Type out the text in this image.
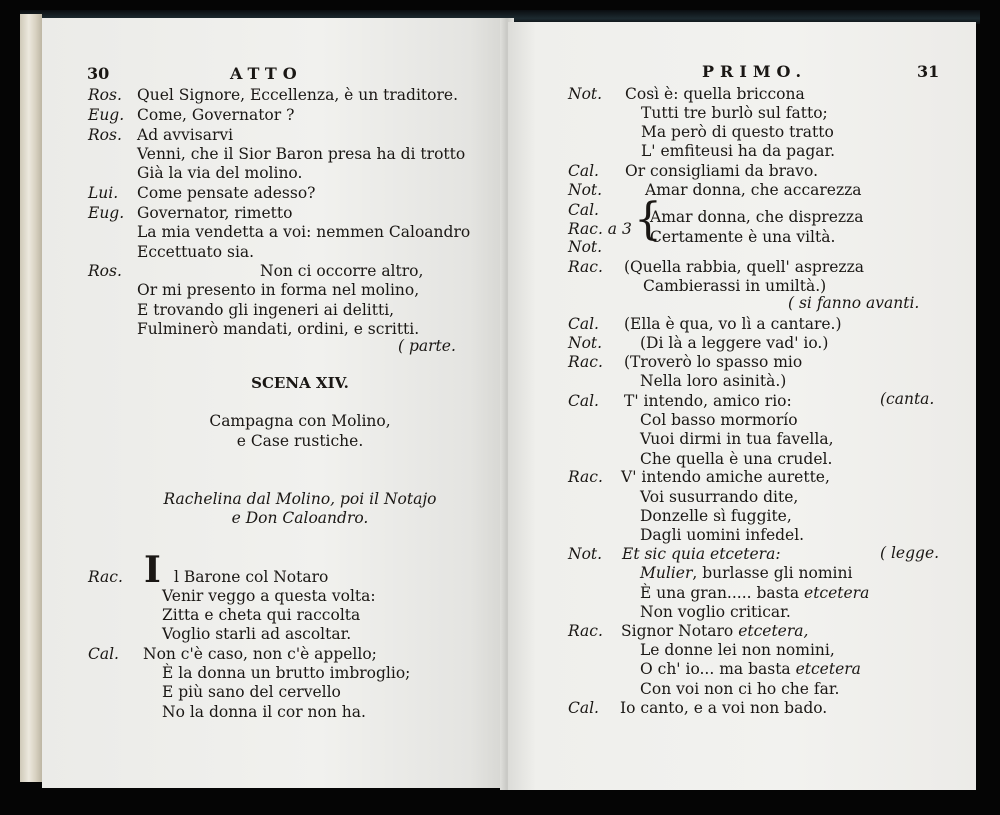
30	ATTO
Ros. Quel Signore, Eccellenza, è un traditore.
Eug. Come, Governator ?
Ros. Ad avvisarvi
Venni, che il Sior Baron presa ha di trotto
Già la via del molino.
Lui. Come pensate adesso?
Eug. Governator, rimetto
La mia vendetta a voi: nemmen Caloandro
Eccettuato sia.
Ros.	Non ci occorre altro,
Or mi presento in forma nel molino,
E trovando gli ingeneri ai delitti,
Fulminerò mandati, ordini, e scritti.
( parte.
SCENA XIV.
Campagna con Molino,
e Case rustiche.
Rachelina dal Molino, poi il Notajo
e Don Caloandro.
I
Rac.	l Barone col Notaro
Venir veggo a questa volta:
Zitta e cheta qui raccolta
Voglio starli ad ascoltar.
Cal. Non c'è caso, non c'è appello;
È la donna un brutto imbroglio;
E più sano del cervello
No la donna il cor non ha.
PRIMO.	31
Not. Così è: quella briccona
Tutti tre burlò sul fatto;
Ma però di questo tratto
L' emfiteusi ha da pagar.
Cal. Or consigliami da bravo.
Not.	Amar donna, che accarezza
Cal.
Rac. a 3
Not.
{
Amar donna, che disprezza
Certamente è una viltà.
Rac. (Quella rabbia, quell' asprezza
Cambierassi in umiltà.)
( si fanno avanti.
Cal. (Ella è qua, vo lì a cantare.)
Not. (Di là a leggere vad' io.)
Rac. (Troverò lo spasso mio
Nella loro asinità.)
Cal. T' intendo, amico rio:
Col basso mormorío
Vuoi dirmi in tua favella,
Che quella è una crudel.
Rac. V' intendo amiche aurette,
Voi susurrando dite,
Donzelle sì fuggite,
Dagli uomini infedel.
Not. Et sic quia etcetera:
Mulier, burlasse gli nomini
È una gran..... basta etcetera
Non voglio criticar.
Rac. Signor Notaro etcetera,
Le donne lei non nomini,
O ch' io... ma basta etcetera
Con voi non ci ho che far.
Cal. Io canto, e a voi non bado.
(canta.
( legge.
